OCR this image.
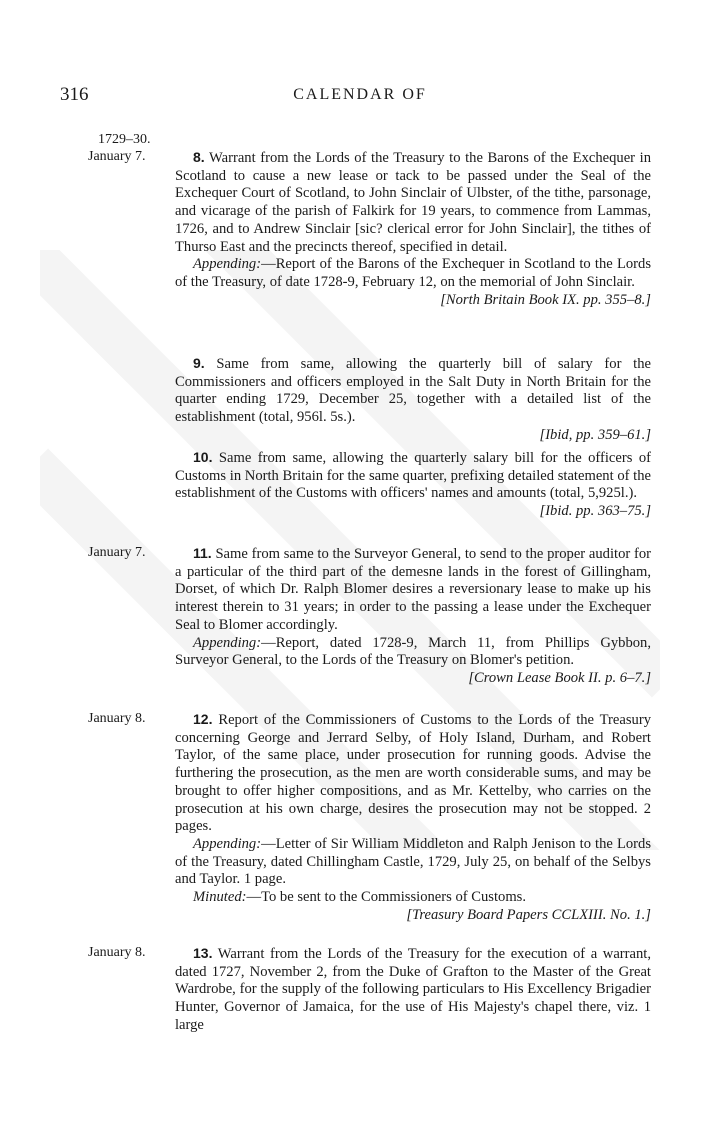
316	CALENDAR OF
1729–30.
January 7.	8. Warrant from the Lords of the Treasury to the Barons of the Exchequer in Scotland to cause a new lease or tack to be passed under the Seal of the Exchequer Court of Scotland, to John Sinclair of Ulbster, of the tithe, parsonage, and vicarage of the parish of Falkirk for 19 years, to commence from Lammas, 1726, and to Andrew Sinclair [sic? clerical error for John Sinclair], the tithes of Thurso East and the precincts thereof, specified in detail.

Appending:—Report of the Barons of the Exchequer in Scotland to the Lords of the Treasury, of date 1728-9, February 12, on the memorial of John Sinclair.

[North Britain Book IX. pp. 355–8.]

9. Same from same, allowing the quarterly bill of salary for the Commissioners and officers employed in the Salt Duty in North Britain for the quarter ending 1729, December 25, together with a detailed list of the establishment (total, 956l. 5s.).

[Ibid, pp. 359–61.]

10. Same from same, allowing the quarterly salary bill for the officers of Customs in North Britain for the same quarter, prefixing detailed statement of the establishment of the Customs with officers' names and amounts (total, 5,925l.).

[Ibid. pp. 363–75.]
January 7.	11. Same from same to the Surveyor General, to send to the proper auditor for a particular of the third part of the demesne lands in the forest of Gillingham, Dorset, of which Dr. Ralph Blomer desires a reversionary lease to make up his interest therein to 31 years; in order to the passing a lease under the Exchequer Seal to Blomer accordingly.

Appending:—Report, dated 1728-9, March 11, from Phillips Gybbon, Surveyor General, to the Lords of the Treasury on Blomer's petition.

[Crown Lease Book II. p. 6–7.]
January 8.	12. Report of the Commissioners of Customs to the Lords of the Treasury concerning George and Jerrard Selby, of Holy Island, Durham, and Robert Taylor, of the same place, under prosecution for running goods. Advise the furthering the prosecution, as the men are worth considerable sums, and may be brought to offer higher compositions, and as Mr. Kettelby, who carries on the prosecution at his own charge, desires the prosecution may not be stopped. 2 pages.

Appending:—Letter of Sir William Middleton and Ralph Jenison to the Lords of the Treasury, dated Chillingham Castle, 1729, July 25, on behalf of the Selbys and Taylor. 1 page.

Minuted:—To be sent to the Commissioners of Customs.

[Treasury Board Papers CCLXIII. No. 1.]
January 8.	13. Warrant from the Lords of the Treasury for the execution of a warrant, dated 1727, November 2, from the Duke of Grafton to the Master of the Great Wardrobe, for the supply of the following particulars to His Excellency Brigadier Hunter, Governor of Jamaica, for the use of His Majesty's chapel there, viz. 1 large
